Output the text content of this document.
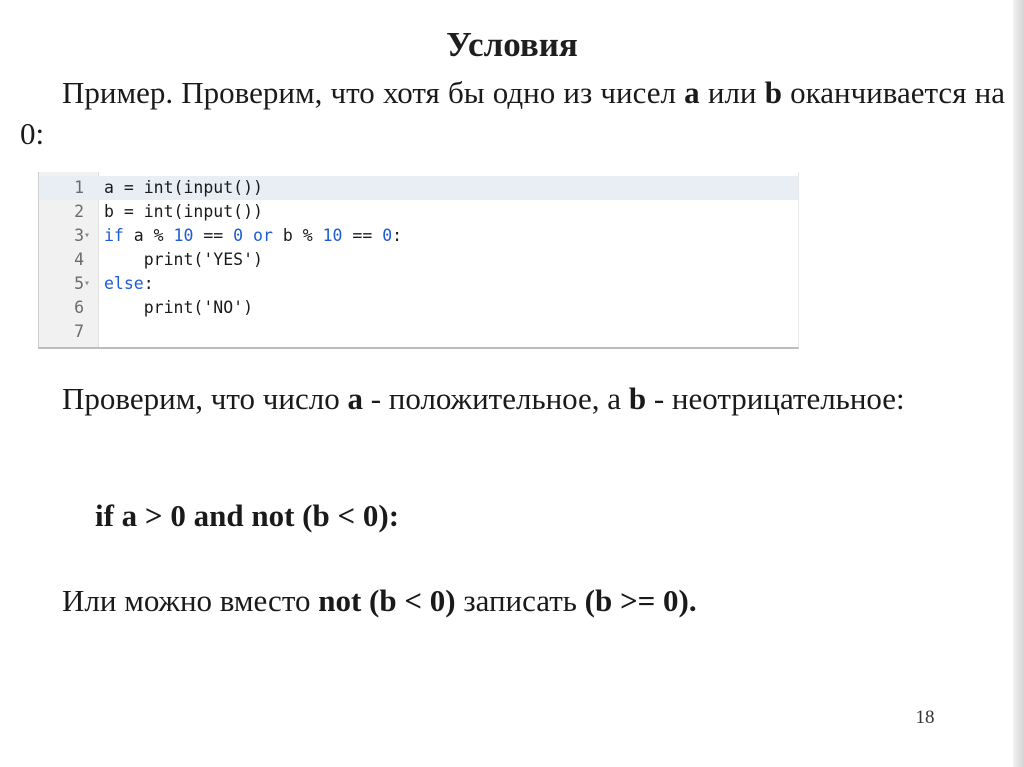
Условия
Пример. Проверим, что хотя бы одно из чисел a или b оканчивается на 0:
1 a = int(input())
2 b = int(input())
3 ▾ if a % 10 == 0 or b % 10 == 0:
4 print('YES')
5 ▾ else:
6 print('NO')
7
Проверим, что число a - положительное, а b - неотрицательное:
if a > 0 and not (b < 0):
Или можно вместо not (b < 0) записать (b >= 0).
18
